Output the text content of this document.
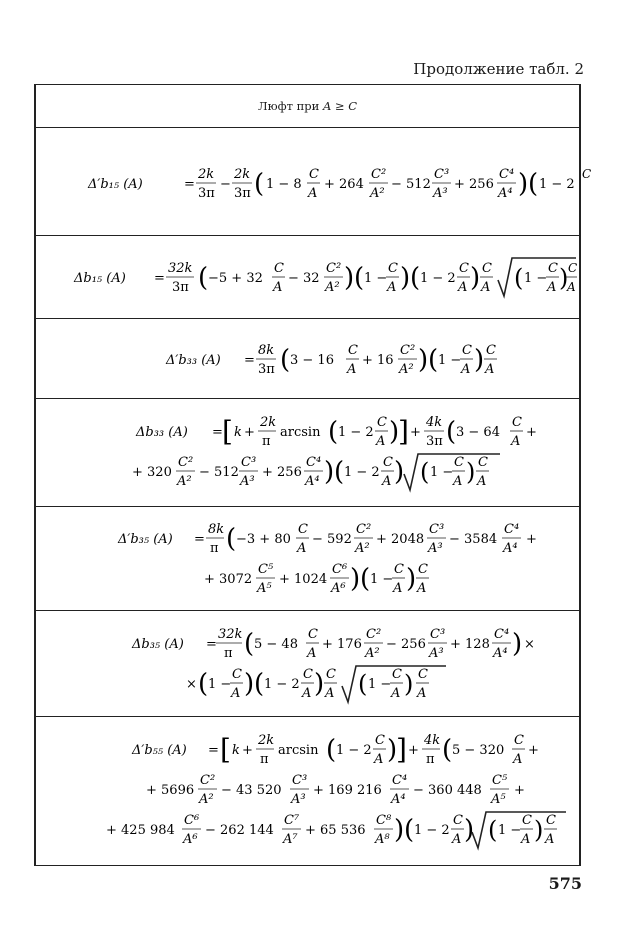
Продолжение табл. 2
Люфт при
A ≥ C
Δ′b₁₅ (A)	=
2k
3π
−
2k
3π ( 1 − 8
C
A
+ 264
C²
A²
− 512
C³
A³
+ 256
C⁴
A⁴ ) ( 1 − 2
C
Δb₁₅ (A) =
32k
3π ( −5 + 32
C
A
− 32
C²
A² ) ( 1 −
C
A ) ( 1 − 2
C
A ) C
A ( 1 −
C
A ) C
A
Δ′b₃₃ (A) =
8k
3π ( 3 − 16
C
A
+ 16
C²
A² ) ( 1 −
C
A ) C
A
Δb₃₃ (A) = [ k +
2k
π
arcsin ( 1 − 2
C
A )
] +
4k
3π ( 3 − 64
C
A
+
+ 320
C²
A²
− 512
C³
A³
+ 256
C⁴
A⁴ ) ( 1 − 2
C
A ) ( 1 −
C
A ) C
A
Δ′b₃₅ (A) =
8k
π ( −3 + 80
C
A
− 592
C²
A²
+ 2048
C³
A³
− 3584
C⁴
A⁴
+
+ 3072
C⁵
A⁵
+ 1024
C⁶
A⁶ ) ( 1 −
C
A ) C
A
Δb₃₅ (A) =
32k
π ( 5 − 48
C
A
+ 176
C²
A²
− 256
C³
A³
+ 128
C⁴
A⁴ ) ×
× ( 1 −
C
A ) ( 1 − 2
C
A ) C
A ( 1 −
C
A ) C
A
Δ′b₅₅ (A) = [ k +
2k
π
arcsin ( 1 − 2
C
A )
] +
4k
π ( 5 − 320
C
A
+
+ 5696
C²
A²
− 43 520
C³
A³
+ 169 216
C⁴
A⁴
− 360 448
C⁵
A⁵
+
+ 425 984
C⁶
A⁶
− 262 144
C⁷
A⁷
+ 65 536
C⁸
A⁸ ) ( 1 − 2
C
A ) ( 1 −
C
A ) C
A
575
